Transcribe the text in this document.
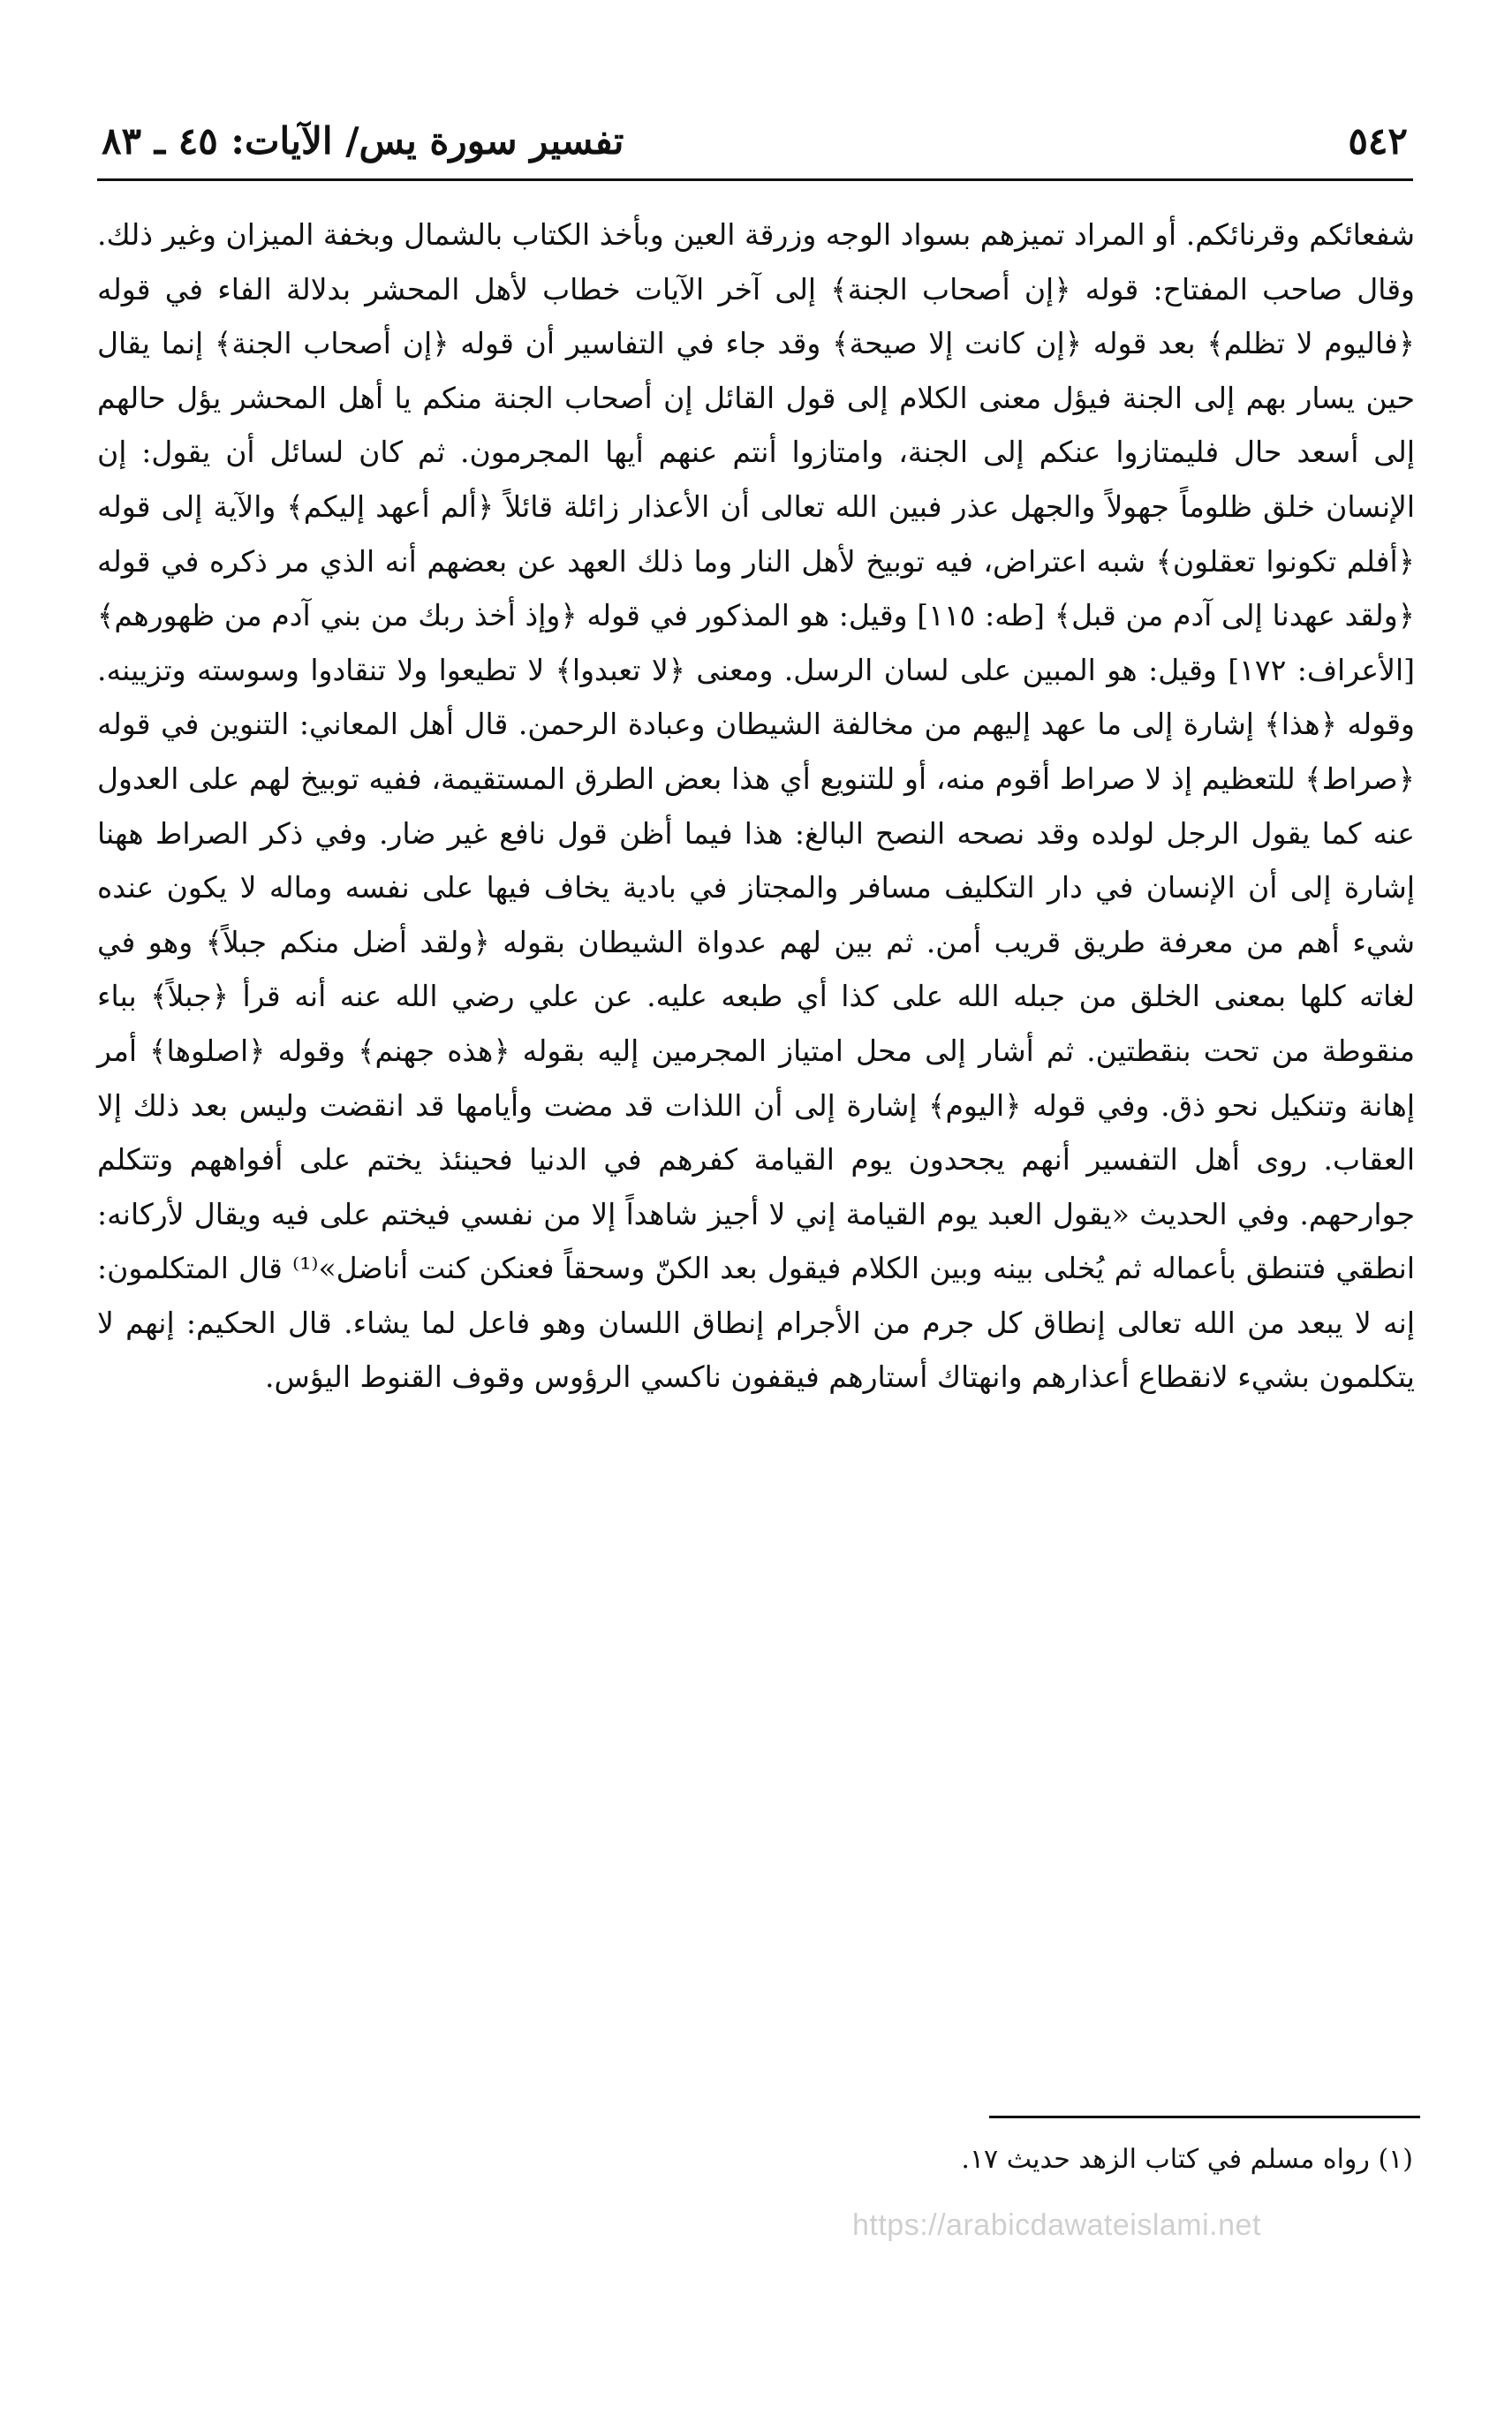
٥٤٢
تفسير سورة يس/ الآيات: ٤٥ ـ ٨٣

شفعائكم وقرنائكم. أو المراد تميزهم بسواد الوجه وزرقة العين وبأخذ الكتاب بالشمال وبخفة الميزان وغير ذلك. وقال صاحب المفتاح: قوله ﴿إن أصحاب الجنة﴾ إلى آخر الآيات خطاب لأهل المحشر بدلالة الفاء في قوله ﴿فاليوم لا تظلم﴾ بعد قوله ﴿إن كانت إلا صيحة﴾ وقد جاء في التفاسير أن قوله ﴿إن أصحاب الجنة﴾ إنما يقال حين يسار بهم إلى الجنة فيؤل معنى الكلام إلى قول القائل إن أصحاب الجنة منكم يا أهل المحشر يؤل حالهم إلى أسعد حال فليمتازوا عنكم إلى الجنة، وامتازوا أنتم عنهم أيها المجرمون. ثم كان لسائل أن يقول: إن الإنسان خلق ظلوماً جهولاً والجهل عذر فبين الله تعالى أن الأعذار زائلة قائلاً ﴿ألم أعهد إليكم﴾ والآية إلى قوله ﴿أفلم تكونوا تعقلون﴾ شبه اعتراض، فيه توبيخ لأهل النار وما ذلك العهد عن بعضهم أنه الذي مر ذكره في قوله ﴿ولقد عهدنا إلى آدم من قبل﴾ [طه: ١١٥] وقيل: هو المذكور في قوله ﴿وإذ أخذ ربك من بني آدم من ظهورهم﴾ [الأعراف: ١٧٢] وقيل: هو المبين على لسان الرسل. ومعنى ﴿لا تعبدوا﴾ لا تطيعوا ولا تنقادوا وسوسته وتزيينه. وقوله ﴿هذا﴾ إشارة إلى ما عهد إليهم من مخالفة الشيطان وعبادة الرحمن. قال أهل المعاني: التنوين في قوله ﴿صراط﴾ للتعظيم إذ لا صراط أقوم منه، أو للتنويع أي هذا بعض الطرق المستقيمة، ففيه توبيخ لهم على العدول عنه كما يقول الرجل لولده وقد نصحه النصح البالغ: هذا فيما أظن قول نافع غير ضار. وفي ذكر الصراط ههنا إشارة إلى أن الإنسان في دار التكليف مسافر والمجتاز في بادية يخاف فيها على نفسه وماله لا يكون عنده شيء أهم من معرفة طريق قريب أمن. ثم بين لهم عدواة الشيطان بقوله ﴿ولقد أضل منكم جبلاً﴾ وهو في لغاته كلها بمعنى الخلق من جبله الله على كذا أي طبعه عليه. عن علي رضي الله عنه أنه قرأ ﴿جبلاً﴾ بباء منقوطة من تحت بنقطتين. ثم أشار إلى محل امتياز المجرمين إليه بقوله ﴿هذه جهنم﴾ وقوله ﴿اصلوها﴾ أمر إهانة وتنكيل نحو ذق. وفي قوله ﴿اليوم﴾ إشارة إلى أن اللذات قد مضت وأيامها قد انقضت وليس بعد ذلك إلا العقاب. روى أهل التفسير أنهم يجحدون يوم القيامة كفرهم في الدنيا فحينئذ يختم على أفواههم وتتكلم جوارحهم. وفي الحديث «يقول العبد يوم القيامة إني لا أجيز شاهداً إلا من نفسي فيختم على فيه ويقال لأركانه: انطقي فتنطق بأعماله ثم يُخلى بينه وبين الكلام فيقول بعد الكنّ وسحقاً فعنكن كنت أناضل»⁽¹⁾ قال المتكلمون: إنه لا يبعد من الله تعالى إنطاق كل جرم من الأجرام إنطاق اللسان وهو فاعل لما يشاء. قال الحكيم: إنهم لا يتكلمون بشيء لانقطاع أعذارهم وانهتاك أستارهم فيقفون ناكسي الرؤوس وقوف القنوط اليؤس.

(١) رواه مسلم في كتاب الزهد حديث ١٧.
https://arabicdawateislami.net
